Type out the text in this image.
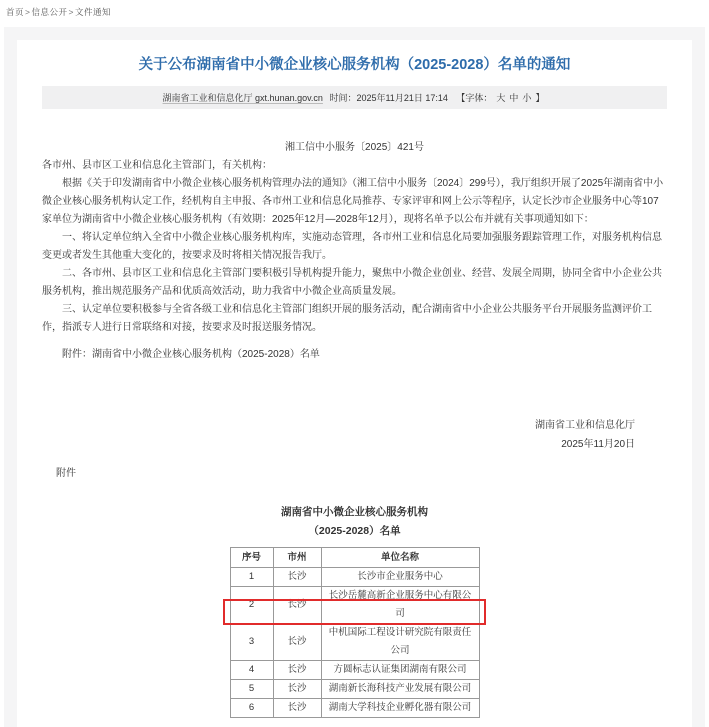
首页>信息公开>文件通知
关于公布湖南省中小微企业核心服务机构（2025-2028）名单的通知
湖南省工业和信息化厅 gxt.hunan.gov.cn 时间：2025年11月21日 17:14 【字体： 大 中 小 】
湘工信中小服务〔2025〕421号
各市州、县市区工业和信息化主管部门，有关机构：
根据《关于印发湖南省中小微企业核心服务机构管理办法的通知》（湘工信中小服务〔2024〕299号），我厅组织开展了2025年湖南省中小微企业核心服务机构认定工作，经机构自主申报、各市州工业和信息化局推荐、专家评审和网上公示等程序，认定长沙市企业服务中心等107家单位为湖南省中小微企业核心服务机构（有效期：2025年12月—2028年12月），现将名单予以公布并就有关事项通知如下：
一、将认定单位纳入全省中小微企业核心服务机构库，实施动态管理，各市州工业和信息化局要加强服务跟踪管理工作，对服务机构信息变更或者发生其他重大变化的，按要求及时将相关情况报告我厅。
二、各市州、县市区工业和信息化主管部门要积极引导机构提升能力，聚焦中小微企业创业、经营、发展全周期，协同全省中小企业公共服务机构，推出规范服务产品和优质高效活动，助力我省中小微企业高质量发展。
三、认定单位要积极参与全省各级工业和信息化主管部门组织开展的服务活动，配合湖南省中小企业公共服务平台开展服务监测评价工作，指派专人进行日常联络和对接，按要求及时报送服务情况。
附件：湖南省中小微企业核心服务机构（2025-2028）名单
湖南省工业和信息化厅
2025年11月20日
附件
湖南省中小微企业核心服务机构
（2025-2028）名单
序号	市州	单位名称
1	长沙	长沙市企业服务中心
2	长沙	长沙岳麓高新企业服务中心有限公司
3	长沙	中机国际工程设计研究院有限责任公司
4	长沙	方圆标志认证集团湖南有限公司
5	长沙	湖南新长海科技产业发展有限公司
6	长沙	湖南大学科技企业孵化器有限公司
